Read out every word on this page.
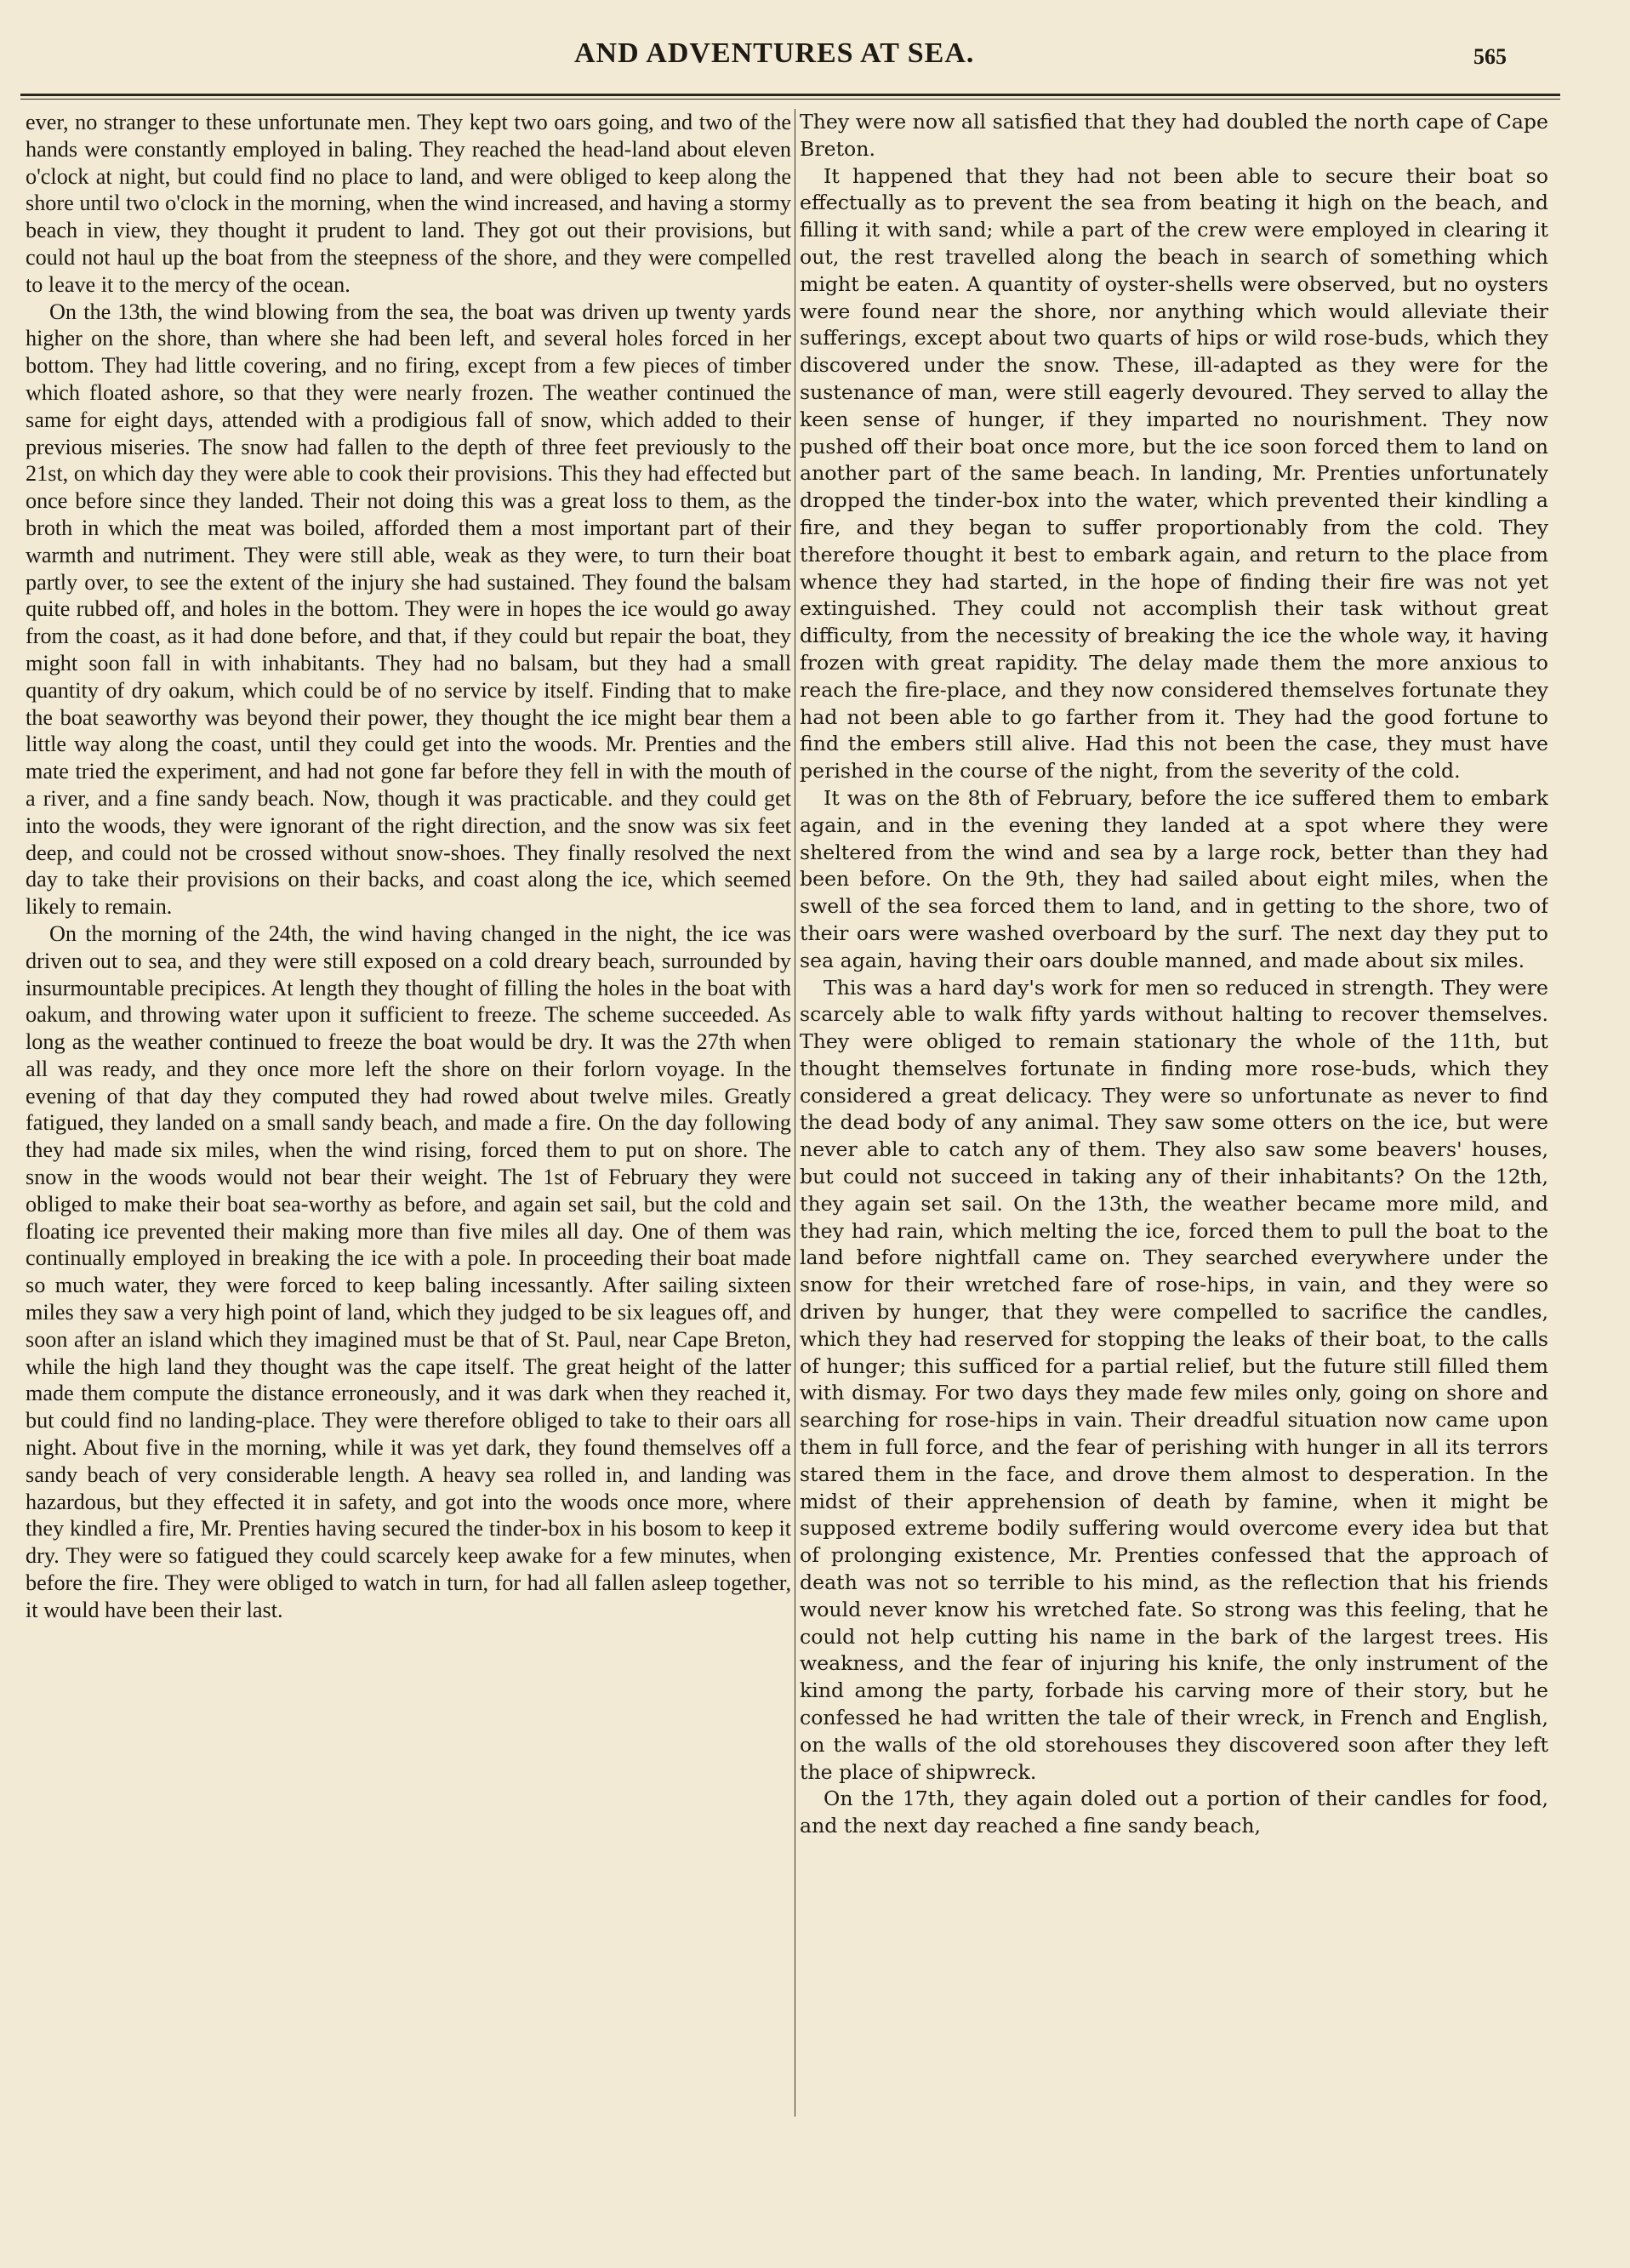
AND ADVENTURES AT SEA.	565

ever, no stranger to these unfortunate men. They kept two oars going, and two of the hands were constantly employed in baling. They reached the head-land about eleven o'clock at night, but could find no place to land, and were obliged to keep along the shore until two o'clock in the morning, when the wind increased, and having a stormy beach in view, they thought it prudent to land. They got out their provisions, but could not haul up the boat from the steepness of the shore, and they were compelled to leave it to the mercy of the ocean.

On the 13th, the wind blowing from the sea, the boat was driven up twenty yards higher on the shore, than where she had been left, and several holes forced in her bottom. They had little covering, and no firing, except from a few pieces of timber which floated ashore, so that they were nearly frozen. The weather continued the same for eight days, attended with a prodigious fall of snow, which added to their previous miseries. The snow had fallen to the depth of three feet previously to the 21st, on which day they were able to cook their provisions. This they had effected but once before since they landed. Their not doing this was a great loss to them, as the broth in which the meat was boiled, afforded them a most important part of their warmth and nutriment. They were still able, weak as they were, to turn their boat partly over, to see the extent of the injury she had sustained. They found the balsam quite rubbed off, and holes in the bottom. They were in hopes the ice would go away from the coast, as it had done before, and that, if they could but repair the boat, they might soon fall in with inhabitants. They had no balsam, but they had a small quantity of dry oakum, which could be of no service by itself. Finding that to make the boat seaworthy was beyond their power, they thought the ice might bear them a little way along the coast, until they could get into the woods. Mr. Prenties and the mate tried the experiment, and had not gone far before they fell in with the mouth of a river, and a fine sandy beach. Now, though it was practicable. and they could get into the woods, they were ignorant of the right direction, and the snow was six feet deep, and could not be crossed without snow-shoes. They finally resolved the next day to take their provisions on their backs, and coast along the ice, which seemed likely to remain.

On the morning of the 24th, the wind having changed in the night, the ice was driven out to sea, and they were still exposed on a cold dreary beach, surrounded by insurmountable precipices. At length they thought of filling the holes in the boat with oakum, and throwing water upon it sufficient to freeze. The scheme succeeded. As long as the weather continued to freeze the boat would be dry. It was the 27th when all was ready, and they once more left the shore on their forlorn voyage. In the evening of that day they computed they had rowed about twelve miles. Greatly fatigued, they landed on a small sandy beach, and made a fire. On the day following they had made six miles, when the wind rising, forced them to put on shore. The snow in the woods would not bear their weight. The 1st of February they were obliged to make their boat sea-worthy as before, and again set sail, but the cold and floating ice prevented their making more than five miles all day. One of them was continually employed in breaking the ice with a pole. In proceeding their boat made so much water, they were forced to keep baling incessantly. After sailing sixteen miles they saw a very high point of land, which they judged to be six leagues off, and soon after an island which they imagined must be that of St. Paul, near Cape Breton, while the high land they thought was the cape itself. The great height of the latter made them compute the distance erroneously, and it was dark when they reached it, but could find no landing-place. They were therefore obliged to take to their oars all night. About five in the morning, while it was yet dark, they found themselves off a sandy beach of very considerable length. A heavy sea rolled in, and landing was hazardous, but they effected it in safety, and got into the woods once more, where they kindled a fire, Mr. Prenties having secured the tinder-box in his bosom to keep it dry. They were so fatigued they could scarcely keep awake for a few minutes, when before the fire. They were obliged to watch in turn, for had all fallen asleep together, it would have been their last.

They were now all satisfied that they had doubled the north cape of Cape Breton.

It happened that they had not been able to secure their boat so effectually as to prevent the sea from beating it high on the beach, and filling it with sand; while a part of the crew were employed in clearing it out, the rest travelled along the beach in search of something which might be eaten. A quantity of oyster-shells were observed, but no oysters were found near the shore, nor anything which would alleviate their sufferings, except about two quarts of hips or wild rose-buds, which they discovered under the snow. These, ill-adapted as they were for the sustenance of man, were still eagerly devoured. They served to allay the keen sense of hunger, if they imparted no nourishment. They now pushed off their boat once more, but the ice soon forced them to land on another part of the same beach. In landing, Mr. Prenties unfortunately dropped the tinder-box into the water, which prevented their kindling a fire, and they began to suffer proportionably from the cold. They therefore thought it best to embark again, and return to the place from whence they had started, in the hope of finding their fire was not yet extinguished. They could not accomplish their task without great difficulty, from the necessity of breaking the ice the whole way, it having frozen with great rapidity. The delay made them the more anxious to reach the fire-place, and they now considered themselves fortunate they had not been able to go farther from it. They had the good fortune to find the embers still alive. Had this not been the case, they must have perished in the course of the night, from the severity of the cold.

It was on the 8th of February, before the ice suffered them to embark again, and in the evening they landed at a spot where they were sheltered from the wind and sea by a large rock, better than they had been before. On the 9th, they had sailed about eight miles, when the swell of the sea forced them to land, and in getting to the shore, two of their oars were washed overboard by the surf. The next day they put to sea again, having their oars double manned, and made about six miles.

This was a hard day's work for men so reduced in strength. They were scarcely able to walk fifty yards without halting to recover themselves. They were obliged to remain stationary the whole of the 11th, but thought themselves fortunate in finding more rose-buds, which they considered a great delicacy. They were so unfortunate as never to find the dead body of any animal. They saw some otters on the ice, but were never able to catch any of them. They also saw some beavers' houses, but could not succeed in taking any of their inhabitants? On the 12th, they again set sail. On the 13th, the weather became more mild, and they had rain, which melting the ice, forced them to pull the boat to the land before nightfall came on. They searched everywhere under the snow for their wretched fare of rose-hips, in vain, and they were so driven by hunger, that they were compelled to sacrifice the candles, which they had reserved for stopping the leaks of their boat, to the calls of hunger; this sufficed for a partial relief, but the future still filled them with dismay. For two days they made few miles only, going on shore and searching for rose-hips in vain. Their dreadful situation now came upon them in full force, and the fear of perishing with hunger in all its terrors stared them in the face, and drove them almost to desperation. In the midst of their apprehension of death by famine, when it might be supposed extreme bodily suffering would overcome every idea but that of prolonging existence, Mr. Prenties confessed that the approach of death was not so terrible to his mind, as the reflection that his friends would never know his wretched fate. So strong was this feeling, that he could not help cutting his name in the bark of the largest trees. His weakness, and the fear of injuring his knife, the only instrument of the kind among the party, forbade his carving more of their story, but he confessed he had written the tale of their wreck, in French and English, on the walls of the old storehouses they discovered soon after they left the place of shipwreck.

On the 17th, they again doled out a portion of their candles for food, and the next day reached a fine sandy beach,
